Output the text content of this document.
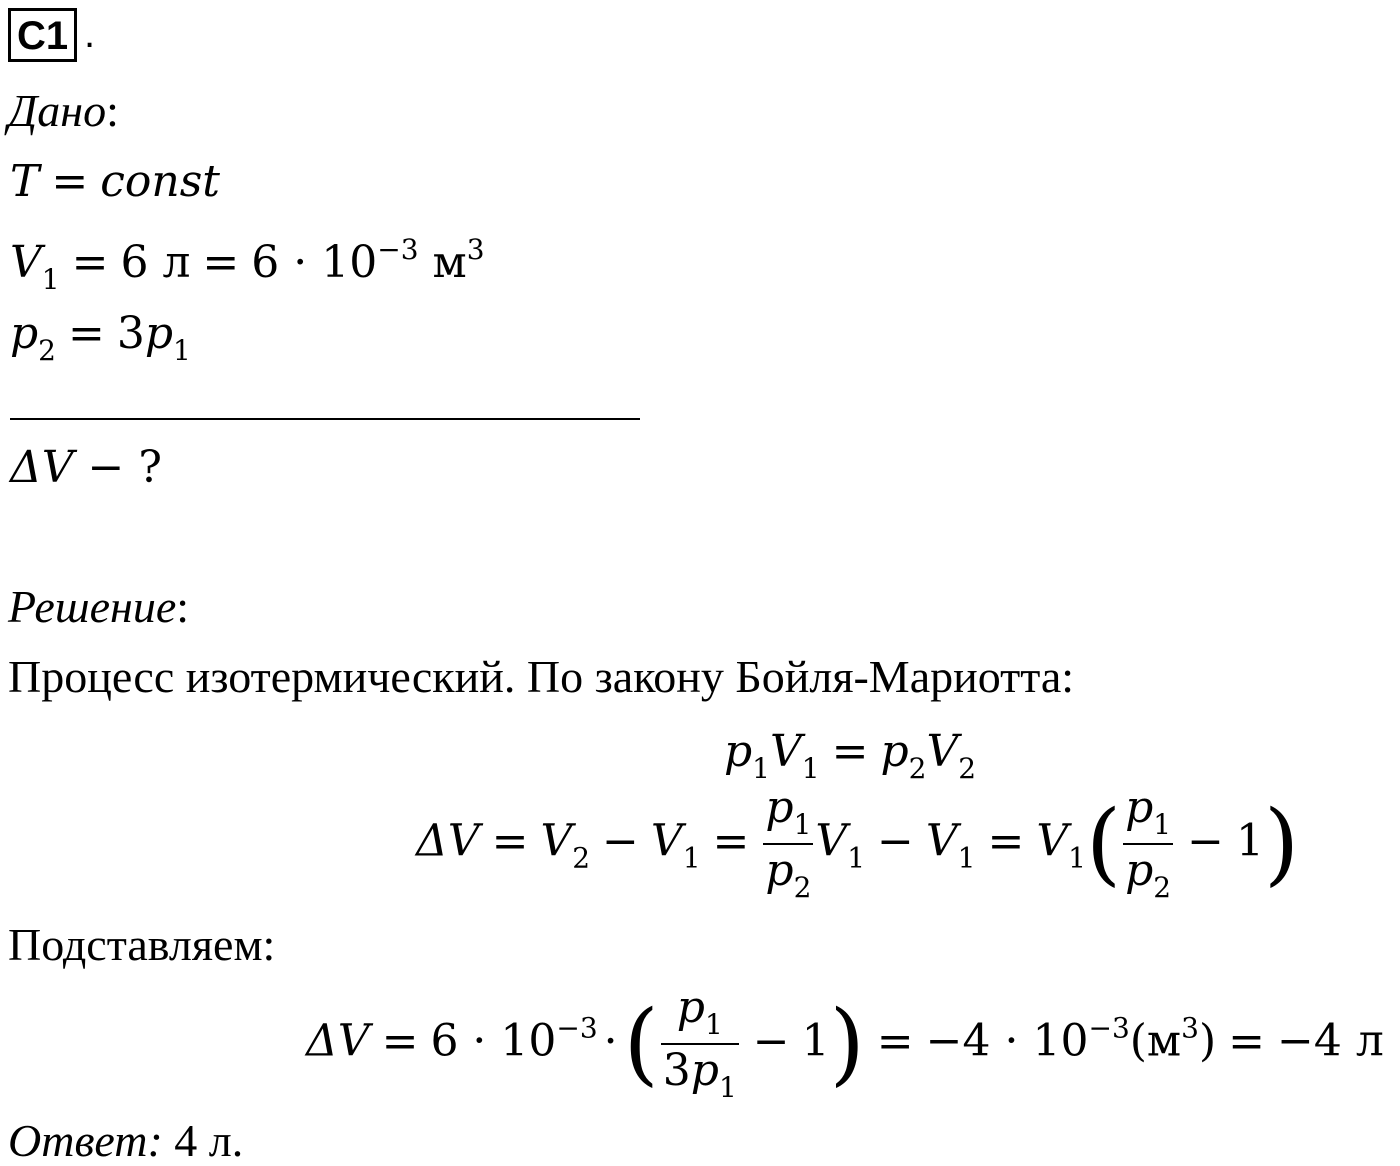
C1 .
Дано:
T = const
$V_1 = 6$ $л = 6 \cdot 10^{-3}$ $м^3$
$p_2 = 3p_1$
ΔV − ?
Решение:
Процесс изотермический. По закону Бойля-Мариотта:
$p_1V_1 = p_2V_2$
$\Delta V = V_2 - V_1 = \frac{p_1}{p_2} V_1 - V_1 = V_1( \frac{p_1}{p_2} - 1)$
Подставляем:
$\Delta V = 6 \cdot 10^{-3}$ ·( $\frac{p_1}{3p_1} - 1) = -4 \cdot 10^{-3}(м^3) = -4$ л
Ответ: 4 л.
